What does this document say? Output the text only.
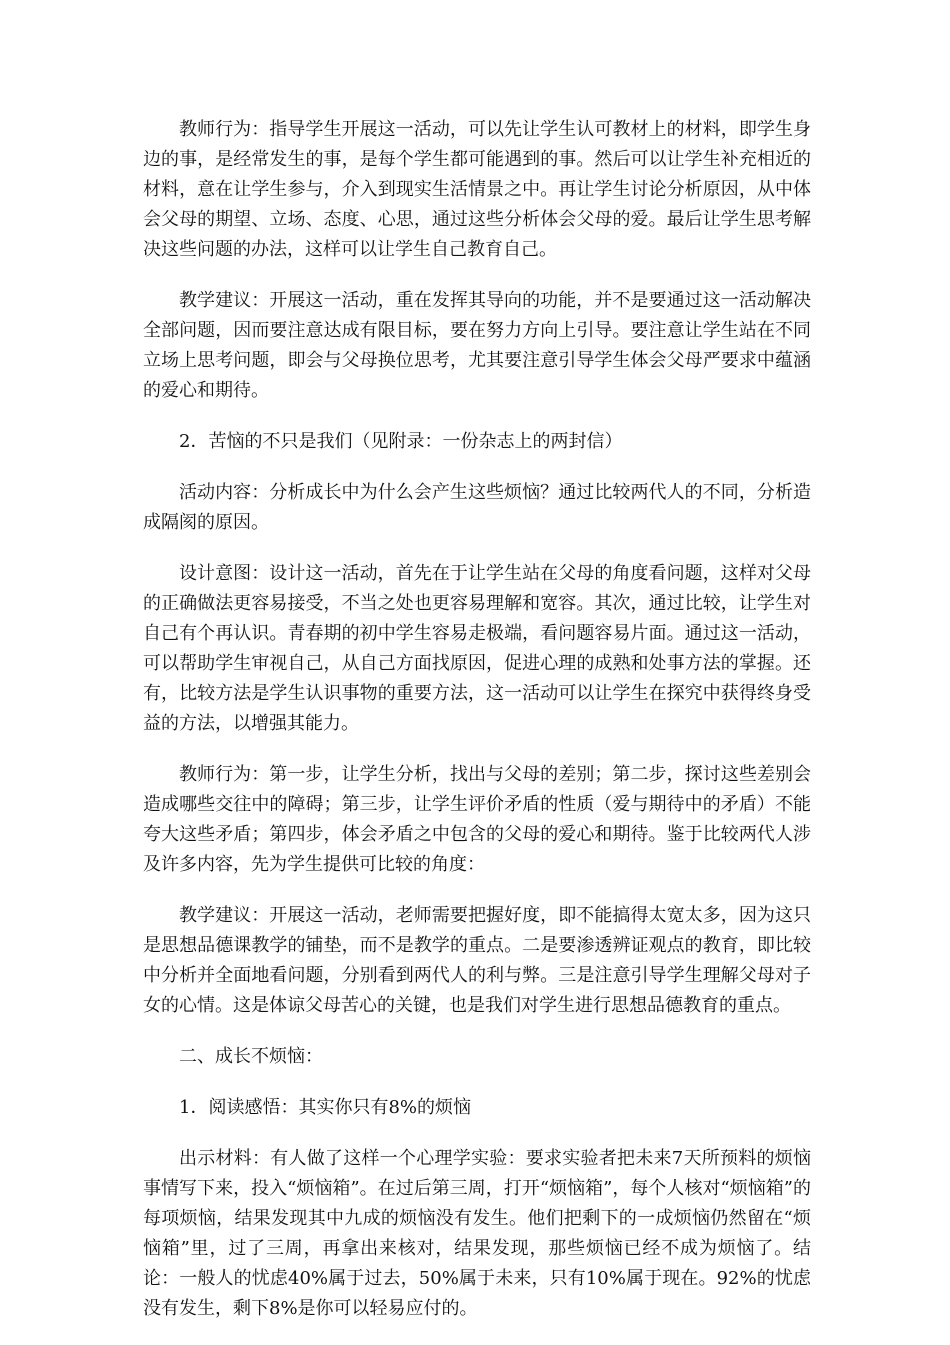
教师行为：指导学生开展这一活动，可以先让学生认可教材上的材料，即学生身边的事，是经常发生的事，是每个学生都可能遇到的事。然后可以让学生补充相近的材料，意在让学生参与，介入到现实生活情景之中。再让学生讨论分析原因，从中体会父母的期望、立场、态度、心思，通过这些分析体会父母的爱。最后让学生思考解决这些问题的办法，这样可以让学生自己教育自己。

教学建议：开展这一活动，重在发挥其导向的功能，并不是要通过这一活动解决全部问题，因而要注意达成有限目标，要在努力方向上引导。要注意让学生站在不同立场上思考问题，即会与父母换位思考，尤其要注意引导学生体会父母严要求中蕴涵的爱心和期待。

2．苦恼的不只是我们（见附录：一份杂志上的两封信）

活动内容：分析成长中为什么会产生这些烦恼？通过比较两代人的不同，分析造成隔阂的原因。

设计意图：设计这一活动，首先在于让学生站在父母的角度看问题，这样对父母的正确做法更容易接受，不当之处也更容易理解和宽容。其次，通过比较，让学生对自己有个再认识。青春期的初中学生容易走极端，看问题容易片面。通过这一活动，可以帮助学生审视自己，从自己方面找原因，促进心理的成熟和处事方法的掌握。还有，比较方法是学生认识事物的重要方法，这一活动可以让学生在探究中获得终身受益的方法，以增强其能力。

教师行为：第一步，让学生分析，找出与父母的差别；第二步，探讨这些差别会造成哪些交往中的障碍；第三步，让学生评价矛盾的性质（爱与期待中的矛盾）不能夸大这些矛盾；第四步，体会矛盾之中包含的父母的爱心和期待。鉴于比较两代人涉及许多内容，先为学生提供可比较的角度：

教学建议：开展这一活动，老师需要把握好度，即不能搞得太宽太多，因为这只是思想品德课教学的铺垫，而不是教学的重点。二是要渗透辨证观点的教育，即比较中分析并全面地看问题，分别看到两代人的利与弊。三是注意引导学生理解父母对子女的心情。这是体谅父母苦心的关键，也是我们对学生进行思想品德教育的重点。

二、成长不烦恼：

1．阅读感悟：其实你只有8%的烦恼

出示材料：有人做了这样一个心理学实验：要求实验者把未来7天所预料的烦恼事情写下来，投入“烦恼箱”。在过后第三周，打开“烦恼箱”，每个人核对“烦恼箱”的每项烦恼，结果发现其中九成的烦恼没有发生。他们把剩下的一成烦恼仍然留在“烦恼箱”里，过了三周，再拿出来核对，结果发现，那些烦恼已经不成为烦恼了。结论：一般人的忧虑40%属于过去，50%属于未来，只有10%属于现在。92%的忧虑没有发生，剩下8%是你可以轻易应付的。
